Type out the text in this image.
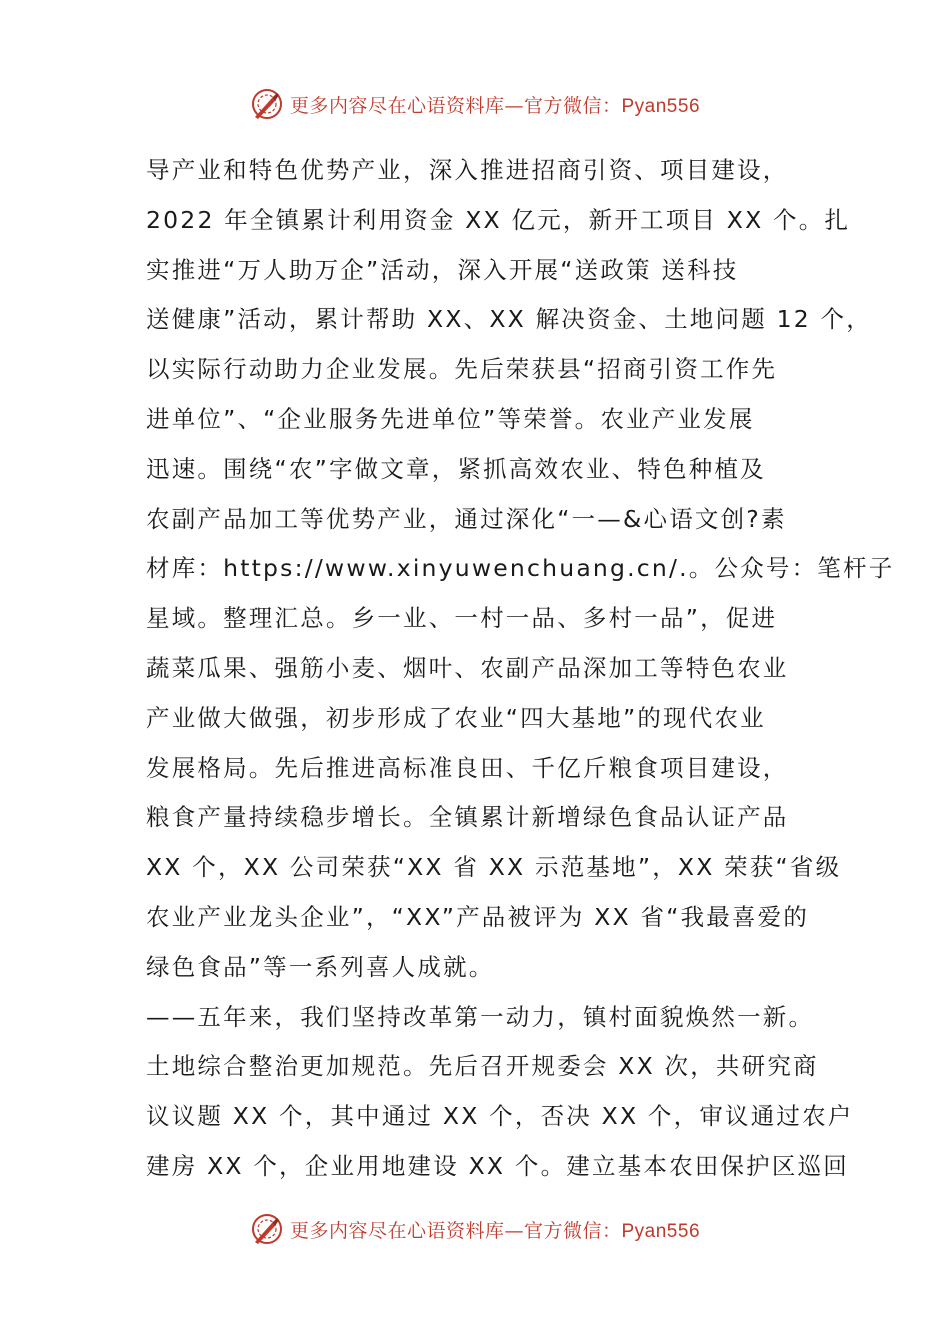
更多内容尽在心语资料库—官方微信：Pyan556
导产业和特色优势产业，深入推进招商引资、项目建设，
2022 年全镇累计利用资金 XX 亿元，新开工项目 XX 个。扎
实推进“万人助万企”活动，深入开展“送政策 送科技
送健康”活动，累计帮助 XX、XX 解决资金、土地问题 12 个，
以实际行动助力企业发展。先后荣获县“招商引资工作先
进单位”、“企业服务先进单位”等荣誉。农业产业发展
迅速。围绕“农”字做文章，紧抓高效农业、特色种植及
农副产品加工等优势产业，通过深化“一—&心语文创?素
材库：https://www.xinyuwenchuang.cn/.。公众号：笔杆子
星域。整理汇总。乡一业、一村一品、多村一品”，促进
蔬菜瓜果、强筋小麦、烟叶、农副产品深加工等特色农业
产业做大做强，初步形成了农业“四大基地”的现代农业
发展格局。先后推进高标准良田、千亿斤粮食项目建设，
粮食产量持续稳步增长。全镇累计新增绿色食品认证产品
XX 个，XX 公司荣获“XX 省 XX 示范基地”，XX 荣获“省级
农业产业龙头企业”，“XX”产品被评为 XX 省“我最喜爱的
绿色食品”等一系列喜人成就。
——五年来，我们坚持改革第一动力，镇村面貌焕然一新。
土地综合整治更加规范。先后召开规委会 XX 次，共研究商
议议题 XX 个，其中通过 XX 个，否决 XX 个，审议通过农户
建房 XX 个，企业用地建设 XX 个。建立基本农田保护区巡回
更多内容尽在心语资料库—官方微信：Pyan556
